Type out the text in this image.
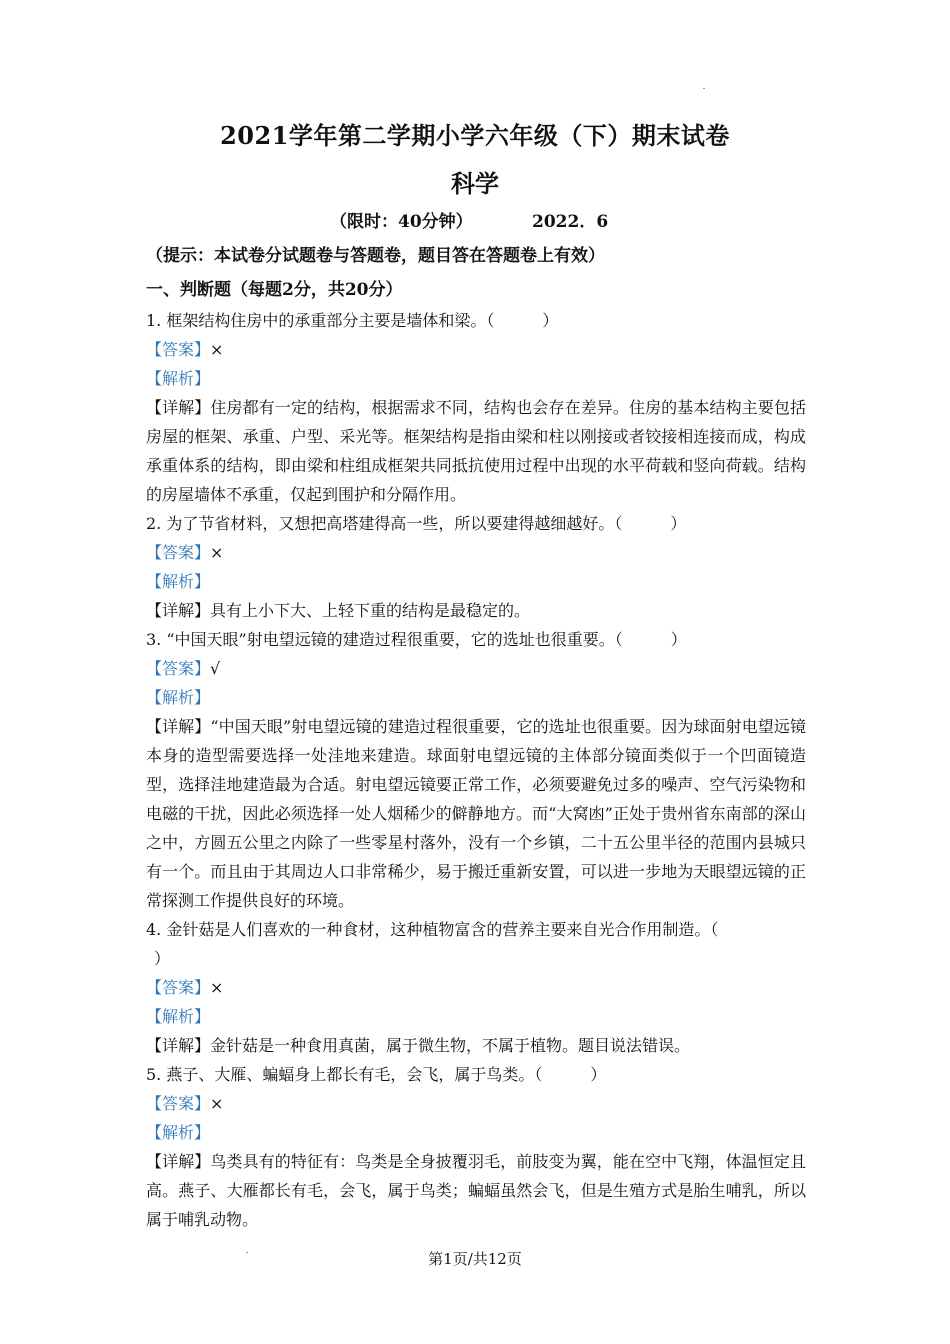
2021学年第二学期小学六年级（下）期末试卷
科学
（限时：40分钟）	2022．6
（提示：本试卷分试题卷与答题卷，题目答在答题卷上有效）
一、判断题（每题2分，共20分）

1. 框架结构住房中的承重部分主要是墙体和梁。（　　　）

【答案】×

【解析】

【详解】住房都有一定的结构，根据需求不同，结构也会存在差异。住房的基本结构主要包括房屋的框架、承重、户型、采光等。框架结构是指由梁和柱以刚接或者铰接相连接而成，构成承重体系的结构，即由梁和柱组成框架共同抵抗使用过程中出现的水平荷载和竖向荷载。结构的房屋墙体不承重，仅起到围护和分隔作用。

2. 为了节省材料，又想把高塔建得高一些，所以要建得越细越好。（　　　）

【答案】×

【解析】

【详解】具有上小下大、上轻下重的结构是最稳定的。

3. “中国天眼”射电望远镜的建造过程很重要，它的选址也很重要。（　　　）

【答案】√

【解析】

【详解】“中国天眼”射电望远镜的建造过程很重要，它的选址也很重要。因为球面射电望远镜本身的造型需要选择一处洼地来建造。球面射电望远镜的主体部分镜面类似于一个凹面镜造型，选择洼地建造最为合适。射电望远镜要正常工作，必须要避免过多的噪声、空气污染物和电磁的干扰，因此必须选择一处人烟稀少的僻静地方。而“大窝凼”正处于贵州省东南部的深山之中，方圆五公里之内除了一些零星村落外，没有一个乡镇，二十五公里半径的范围内县城只有一个。而且由于其周边人口非常稀少，易于搬迁重新安置，可以进一步地为天眼望远镜的正常探测工作提供良好的环境。

4. 金针菇是人们喜欢的一种食材，这种植物富含的营养主要来自光合作用制造。（

）

【答案】×

【解析】

【详解】金针菇是一种食用真菌，属于微生物，不属于植物。题目说法错误。

5. 燕子、大雁、蝙蝠身上都长有毛，会飞，属于鸟类。（　　　）

【答案】×

【解析】

【详解】鸟类具有的特征有：鸟类是全身披覆羽毛，前肢变为翼，能在空中飞翔，体温恒定且高。燕子、大雁都长有毛，会飞，属于鸟类；蝙蝠虽然会飞，但是生殖方式是胎生哺乳，所以属于哺乳动物。

第1页/共12页
